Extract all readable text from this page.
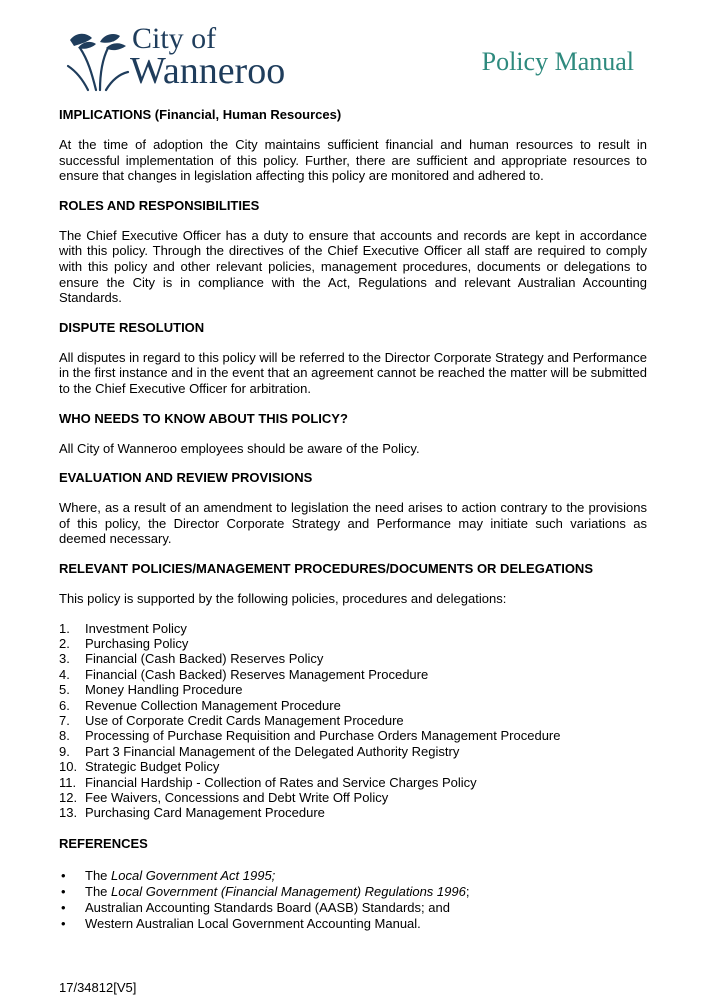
City of
Wanneroo	Policy Manual
IMPLICATIONS (Financial, Human Resources)

At the time of adoption the City maintains sufficient financial and human resources to result in successful implementation of this policy. Further, there are sufficient and appropriate resources to ensure that changes in legislation affecting this policy are monitored and adhered to.

ROLES AND RESPONSIBILITIES

The Chief Executive Officer has a duty to ensure that accounts and records are kept in accordance with this policy. Through the directives of the Chief Executive Officer all staff are required to comply with this policy and other relevant policies, management procedures, documents or delegations to ensure the City is in compliance with the Act, Regulations and relevant Australian Accounting Standards.

DISPUTE RESOLUTION

All disputes in regard to this policy will be referred to the Director Corporate Strategy and Performance in the first instance and in the event that an agreement cannot be reached the matter will be submitted to the Chief Executive Officer for arbitration.

WHO NEEDS TO KNOW ABOUT THIS POLICY?

All City of Wanneroo employees should be aware of the Policy.

EVALUATION AND REVIEW PROVISIONS

Where, as a result of an amendment to legislation the need arises to action contrary to the provisions of this policy, the Director Corporate Strategy and Performance may initiate such variations as deemed necessary.

RELEVANT POLICIES/MANAGEMENT PROCEDURES/DOCUMENTS OR DELEGATIONS

This policy is supported by the following policies, procedures and delegations:

1. Investment Policy
2. Purchasing Policy
3. Financial (Cash Backed) Reserves Policy
4. Financial (Cash Backed) Reserves Management Procedure
5. Money Handling Procedure
6. Revenue Collection Management Procedure
7. Use of Corporate Credit Cards Management Procedure
8. Processing of Purchase Requisition and Purchase Orders Management Procedure
9. Part 3 Financial Management of the Delegated Authority Registry
10. Strategic Budget Policy
11. Financial Hardship - Collection of Rates and Service Charges Policy
12. Fee Waivers, Concessions and Debt Write Off Policy
13. Purchasing Card Management Procedure
REFERENCES
• The Local Government Act 1995;
• The Local Government (Financial Management) Regulations 1996;
• Australian Accounting Standards Board (AASB) Standards; and
• Western Australian Local Government Accounting Manual.
17/34812[V5]
